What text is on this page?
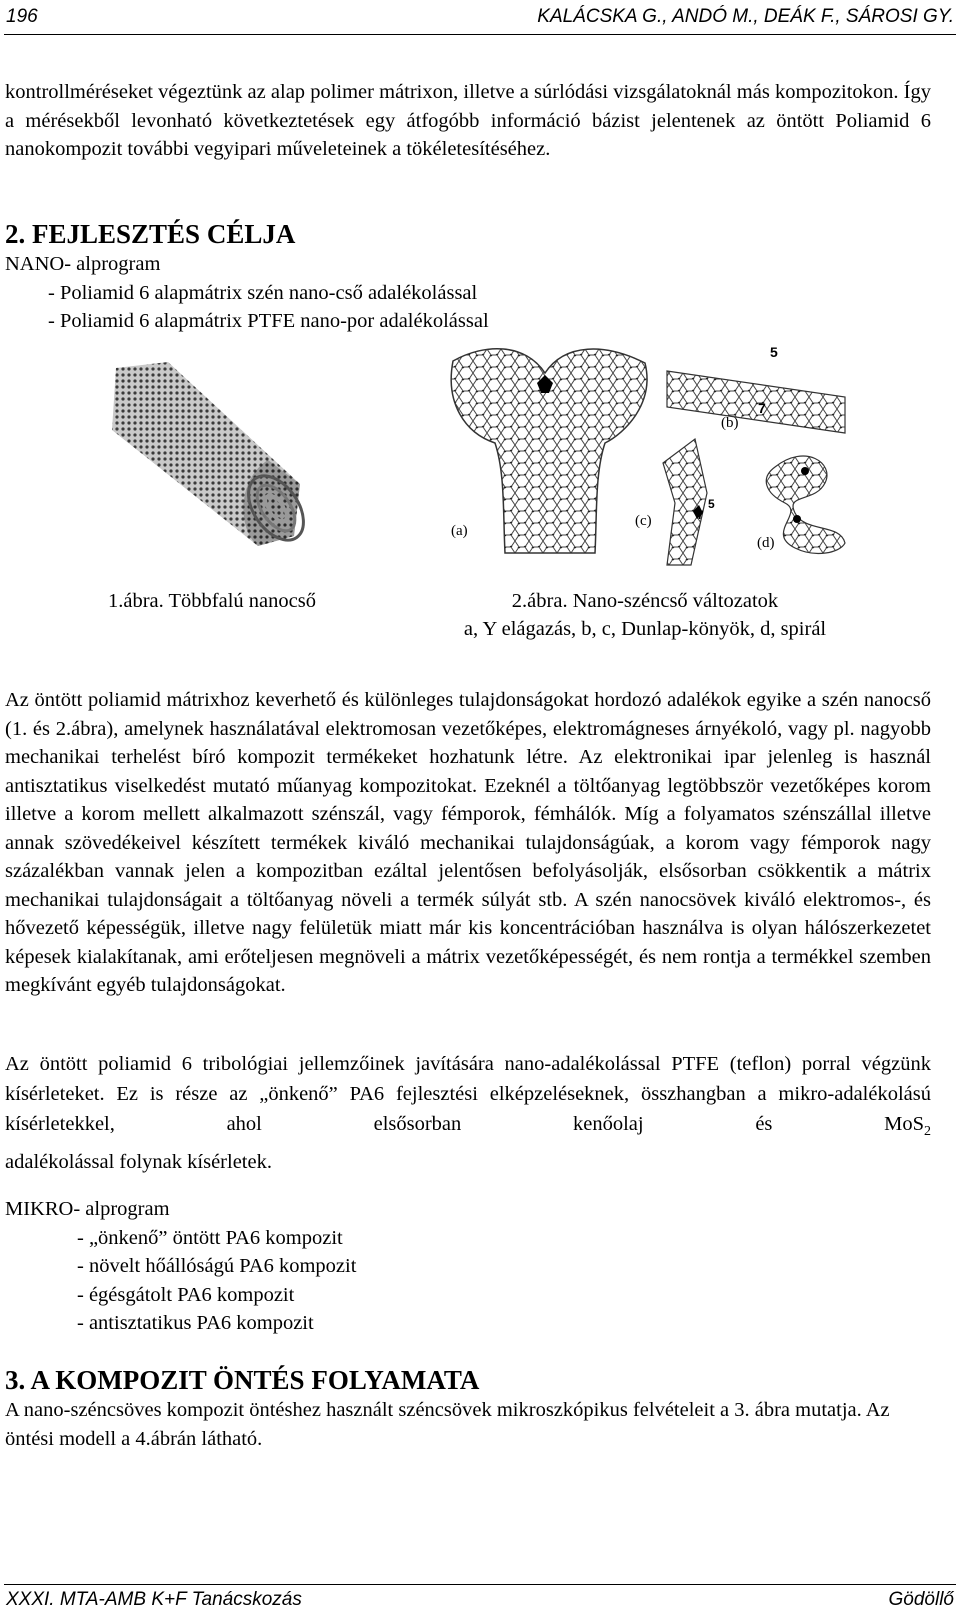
196	KALÁCSKA G., ANDÓ M., DEÁK F., SÁROSI GY.

kontrollméréseket végeztünk az alap polimer mátrixon, illetve a súrlódási vizsgálatoknál más kompozitokon. Így a mérésekből levonható következtetések egy átfogóbb információ bázist jelentenek az öntött Poliamid 6 nanokompozit további vegyipari műveleteinek a tökéletesítéséhez.

2. FEJLESZTÉS CÉLJA
NANO- alprogram
- Poliamid 6 alapmátrix szén nano-cső adalékolással
- Poliamid 6 alapmátrix PTFE nano-por adalékolással
(a)
(b)
(c)
(d)
5
7
5
7
1.ábra. Többfalú nanocső	2.ábra. Nano-széncső változatok
a, Y elágazás, b, c, Dunlap-könyök, d, spirál

Az öntött poliamid mátrixhoz keverhető és különleges tulajdonságokat hordozó adalékok egyike a szén nanocső (1. és 2.ábra), amelynek használatával elektromosan vezetőképes, elektromágneses árnyékoló, vagy pl. nagyobb mechanikai terhelést bíró kompozit termékeket hozhatunk létre. Az elektronikai ipar jelenleg is használ antisztatikus viselkedést mutató műanyag kompozitokat. Ezeknél a töltőanyag legtöbbször vezetőképes korom illetve a korom mellett alkalmazott szénszál, vagy fémporok, fémhálók. Míg a folyamatos szénszállal illetve annak szövedékeivel készített termékek kiváló mechanikai tulajdonságúak, a korom vagy fémporok nagy százalékban vannak jelen a kompozitban ezáltal jelentősen befolyásolják, elsősorban csökkentik a mátrix mechanikai tulajdonságait a töltőanyag növeli a termék súlyát stb. A szén nanocsövek kiváló elektromos-, és hővezető képességük, illetve nagy felületük miatt már kis koncentrációban használva is olyan hálószerkezetet képesek kialakítanak, ami erőteljesen megnöveli a mátrix vezetőképességét, és nem rontja a termékkel szemben megkívánt egyéb tulajdonságokat.

Az öntött poliamid 6 tribológiai jellemzőinek javítására nano-adalékolással PTFE (teflon) porral végzünk kísérleteket. Ez is része az „önkenő” PA6 fejlesztési elképzeléseknek, összhangban a mikro-adalékolású kísérletekkel, ahol elsősorban kenőolaj és MoS$_2$

adalékolással folynak kísérletek.

MIKRO- alprogram
- „önkenő” öntött PA6 kompozit
- növelt hőállóságú PA6 kompozit
- égésgátolt PA6 kompozit
- antisztatikus PA6 kompozit
3. A KOMPOZIT ÖNTÉS FOLYAMATA
A nano-széncsöves kompozit öntéshez használt széncsövek mikroszkópikus felvételeit a 3. ábra mutatja. Az öntési modell a 4.ábrán látható.
XXXI. MTA-AMB K+F Tanácskozás	Gödöllő
